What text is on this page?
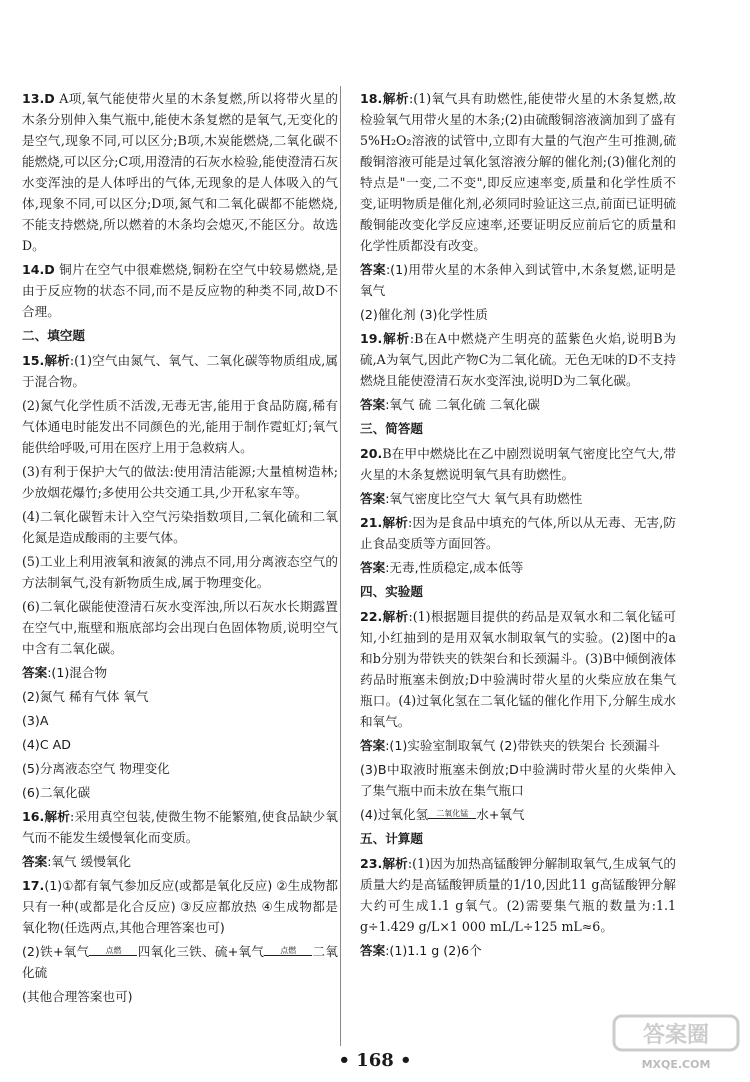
13.D A项,氧气能使带火星的木条复燃,所以将带火星的木条分别伸入集气瓶中,能使木条复燃的是氧气,无变化的是空气,现象不同,可以区分;B项,木炭能燃烧,二氧化碳不能燃烧,可以区分;C项,用澄清的石灰水检验,能使澄清石灰水变浑浊的是人体呼出的气体,无现象的是人体吸入的气体,现象不同,可以区分;D项,氮气和二氧化碳都不能燃烧,不能支持燃烧,所以燃着的木条均会熄灭,不能区分。故选D。

14.D 铜片在空气中很难燃烧,铜粉在空气中较易燃烧,是由于反应物的状态不同,而不是反应物的种类不同,故D不合理。

二、填空题

15.解析:(1)空气由氮气、氧气、二氧化碳等物质组成,属于混合物。

(2)氮气化学性质不活泼,无毒无害,能用于食品防腐,稀有气体通电时能发出不同颜色的光,能用于制作霓虹灯;氧气能供给呼吸,可用在医疗上用于急救病人。

(3)有利于保护大气的做法:使用清洁能源;大量植树造林;少放烟花爆竹;多使用公共交通工具,少开私家车等。

(4)二氧化碳暂未计入空气污染指数项目,二氧化硫和二氧化氮是造成酸雨的主要气体。

(5)工业上利用液氧和液氮的沸点不同,用分离液态空气的方法制氧气,没有新物质生成,属于物理变化。

(6)二氧化碳能使澄清石灰水变浑浊,所以石灰水长期露置在空气中,瓶壁和瓶底部均会出现白色固体物质,说明空气中含有二氧化碳。

答案:(1)混合物

(2)氮气 稀有气体 氧气

(3)A

(4)C AD

(5)分离液态空气 物理变化

(6)二氧化碳

16.解析:采用真空包装,使微生物不能繁殖,使食品缺少氧气而不能发生缓慢氧化而变质。

答案:氧气 缓慢氧化

17.(1)①都有氧气参加反应(或都是氧化反应) ②生成物都只有一种(或都是化合反应) ③反应都放热 ④生成物都是氧化物(任选两点,其他合理答案也可)

(2)铁+氧气	点燃	四氧化三铁、硫+氧气	点燃	二氧化硫

(其他合理答案也可)

18.解析:(1)氧气具有助燃性,能使带火星的木条复燃,故检验氧气用带火星的木条;(2)由硫酸铜溶液滴加到了盛有5%H₂O₂溶液的试管中,立即有大量的气泡产生可推测,硫酸铜溶液可能是过氧化氢溶液分解的催化剂;(3)催化剂的特点是"一变,二不变",即反应速率变,质量和化学性质不变,证明物质是催化剂,必须同时验证这三点,前面已证明硫酸铜能改变化学反应速率,还要证明反应前后它的质量和化学性质都没有改变。

答案:(1)用带火星的木条伸入到试管中,木条复燃,证明是氧气

(2)催化剂 (3)化学性质

19.解析:B在A中燃烧产生明亮的蓝紫色火焰,说明B为硫,A为氧气,因此产物C为二氧化硫。无色无味的D不支持燃烧且能使澄清石灰水变浑浊,说明D为二氧化碳。

答案:氧气 硫 二氧化硫 二氧化碳

三、简答题

20.B在甲中燃烧比在乙中剧烈说明氧气密度比空气大,带火星的木条复燃说明氧气具有助燃性。

答案:氧气密度比空气大 氧气具有助燃性

21.解析:因为是食品中填充的气体,所以从无毒、无害,防止食品变质等方面回答。

答案:无毒,性质稳定,成本低等

四、实验题

22.解析:(1)根据题目提供的药品是双氧水和二氧化锰可知,小红抽到的是用双氧水制取氧气的实验。(2)图中的a和b分别为带铁夹的铁架台和长颈漏斗。(3)B中倾倒液体药品时瓶塞未倒放;D中验满时带火星的火柴应放在集气瓶口。(4)过氧化氢在二氧化锰的催化作用下,分解生成水和氧气。

答案:(1)实验室制取氧气 (2)带铁夹的铁架台 长颈漏斗

(3)B中取液时瓶塞未倒放;D中验满时带火星的火柴伸入了集气瓶中而未放在集气瓶口

(4)过氧化氢	二氧化锰 水+氧气

五、计算题

23.解析:(1)因为加热高锰酸钾分解制取氧气,生成氧气的质量大约是高锰酸钾质量的1/10,因此11 g高锰酸钾分解大约可生成1.1 g氧气。(2)需要集气瓶的数量为:1.1 g÷1.429 g/L×1 000 mL/L÷125 mL≈6。

答案:(1)1.1 g (2)6个

• 168 •
答案圈
MXQE.COM
